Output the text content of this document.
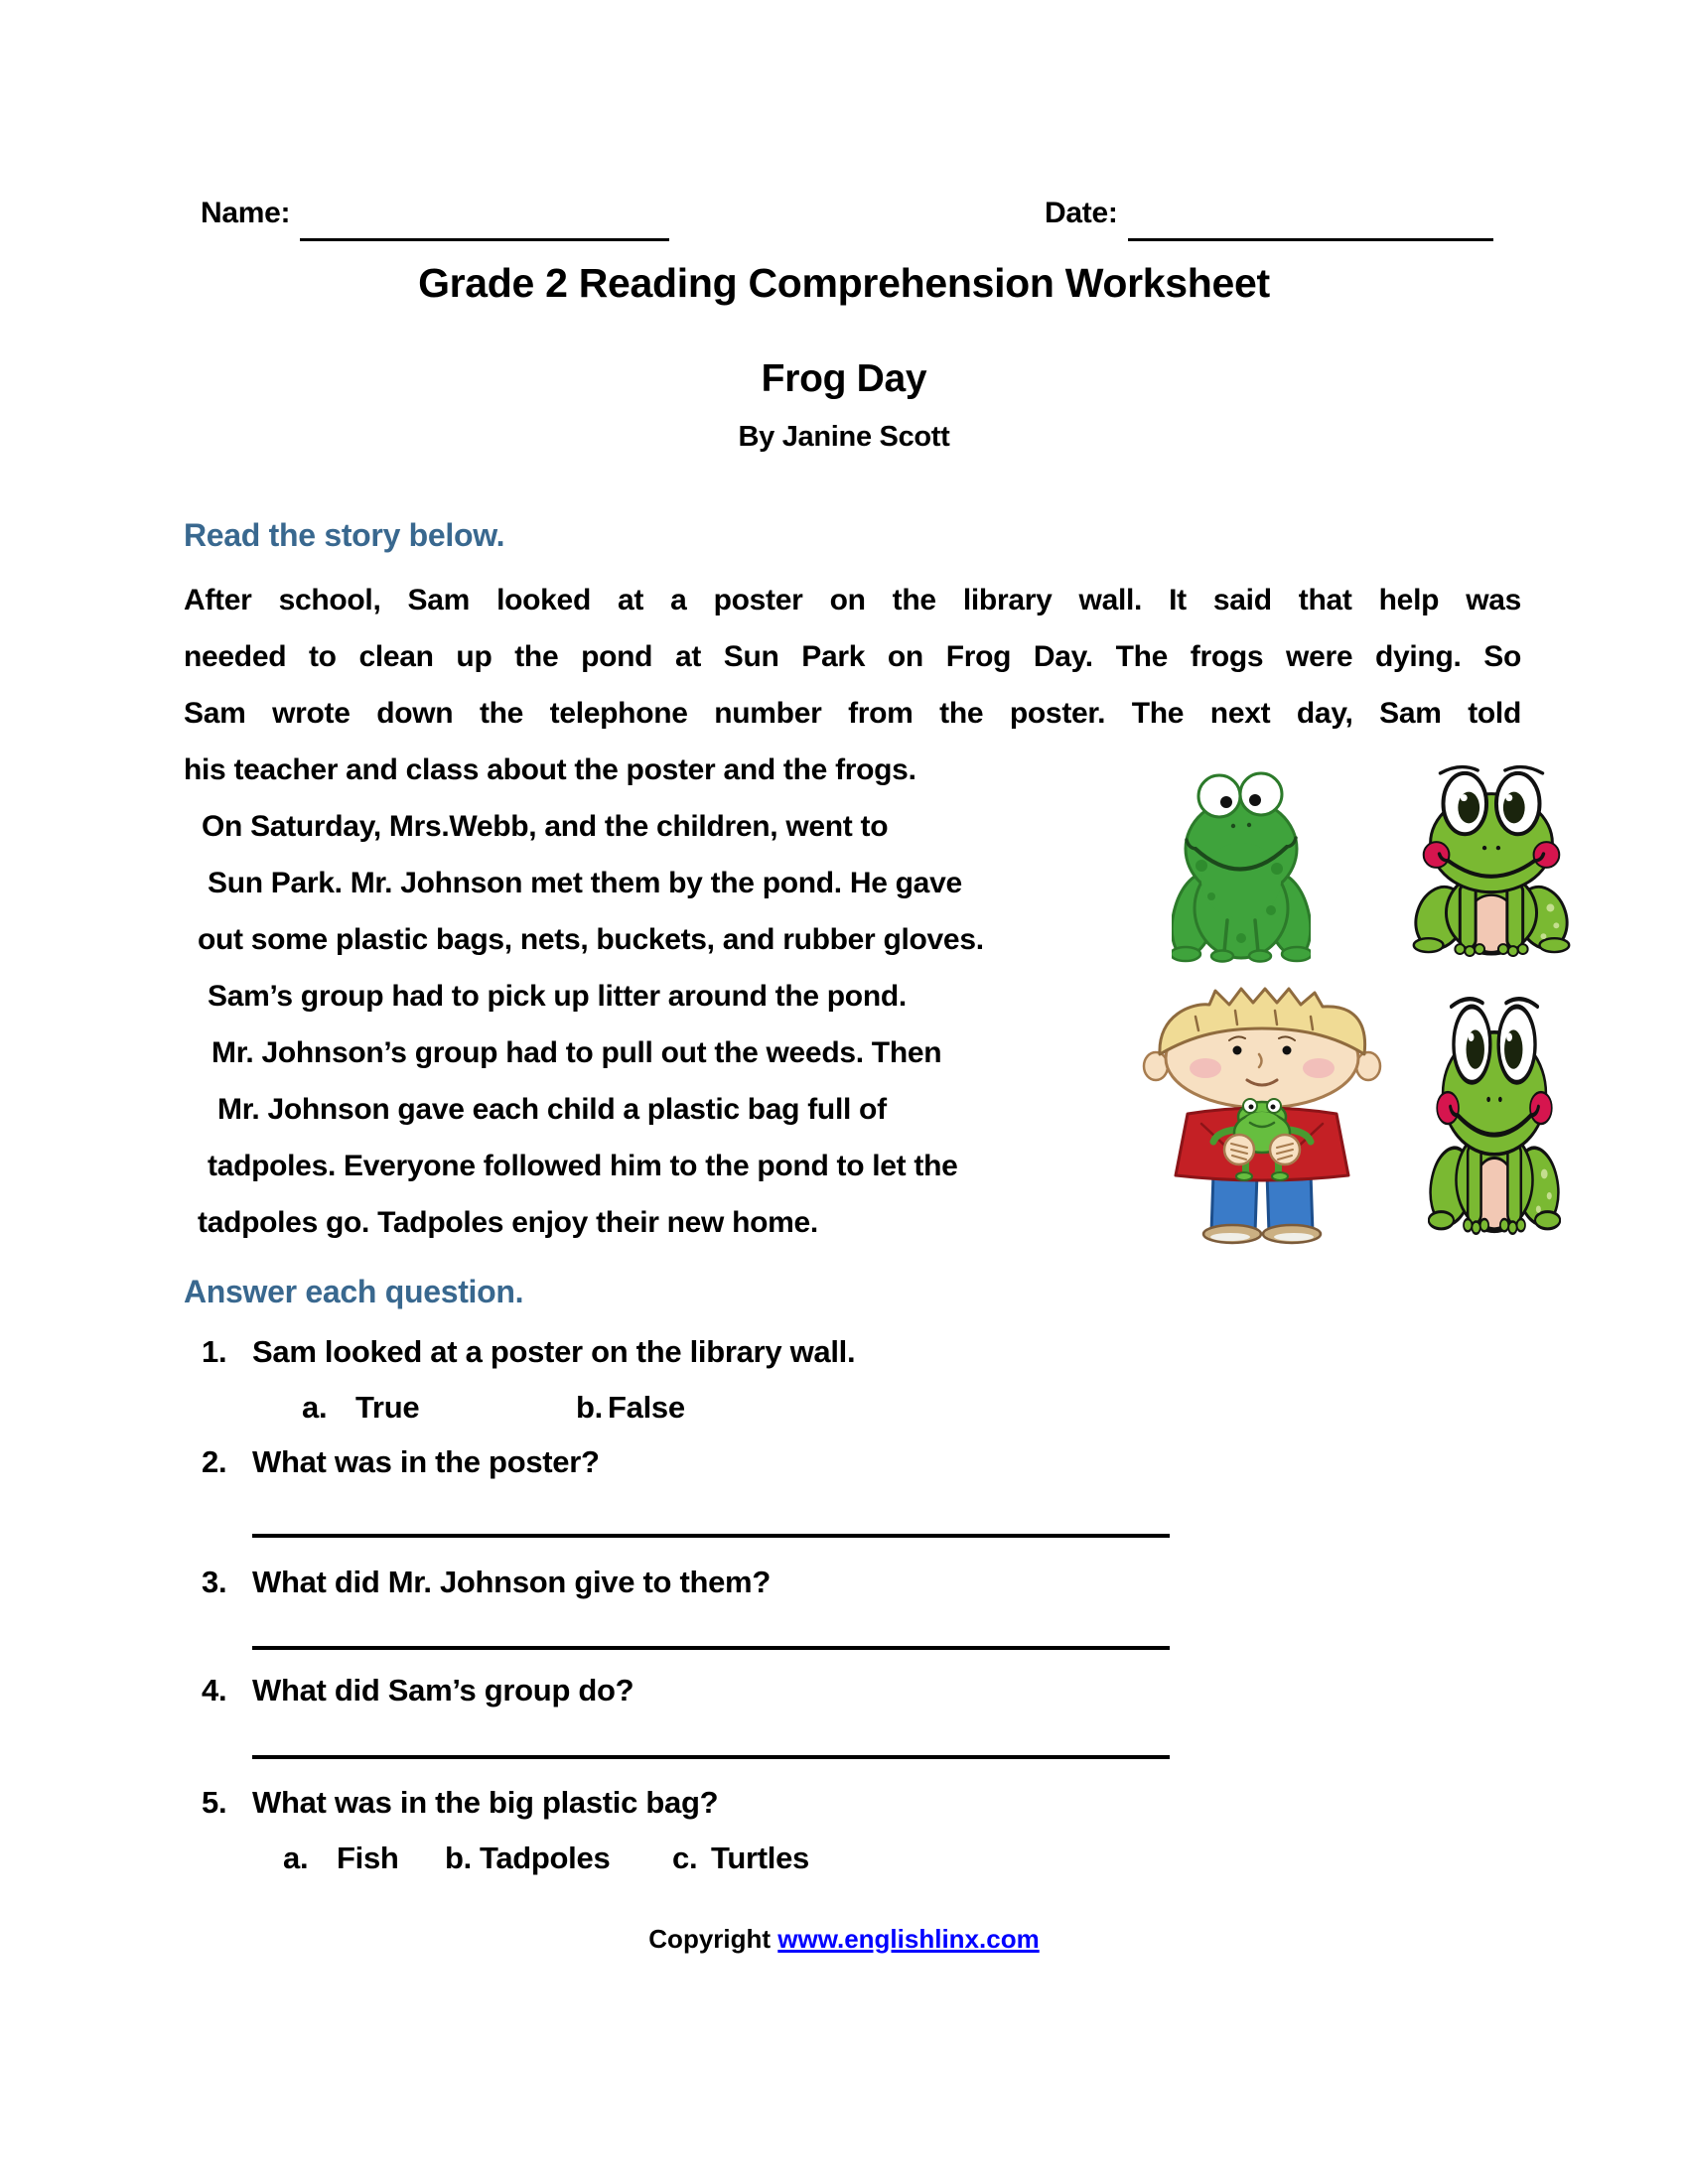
Name:	Date:
Grade 2 Reading Comprehension Worksheet
Frog Day
By Janine Scott
Read the story below.
After school, Sam looked at a poster on the library wall. It said that help was
needed to clean up the pond at Sun Park on Frog Day. The frogs were dying. So
Sam wrote down the telephone number from the poster. The next day, Sam told
his teacher and class about the poster and the frogs.
On Saturday, Mrs.Webb, and the children, went to
Sun Park. Mr. Johnson met them by the pond. He gave
out some plastic bags, nets, buckets, and rubber gloves.
Sam’s group had to pick up litter around the pond.
Mr. Johnson’s group had to pull out the weeds. Then
Mr. Johnson gave each child a plastic bag full of
tadpoles. Everyone followed him to the pond to let the
tadpoles go. Tadpoles enjoy their new home.
Answer each question.
1. Sam looked at a poster on the library wall.
a. True	b. False
2. What was in the poster?
3. What did Mr. Johnson give to them?
4. What did Sam’s group do?
5. What was in the big plastic bag?
a. Fish b. Tadpoles c. Turtles
Copyright www.englishlinx.com
